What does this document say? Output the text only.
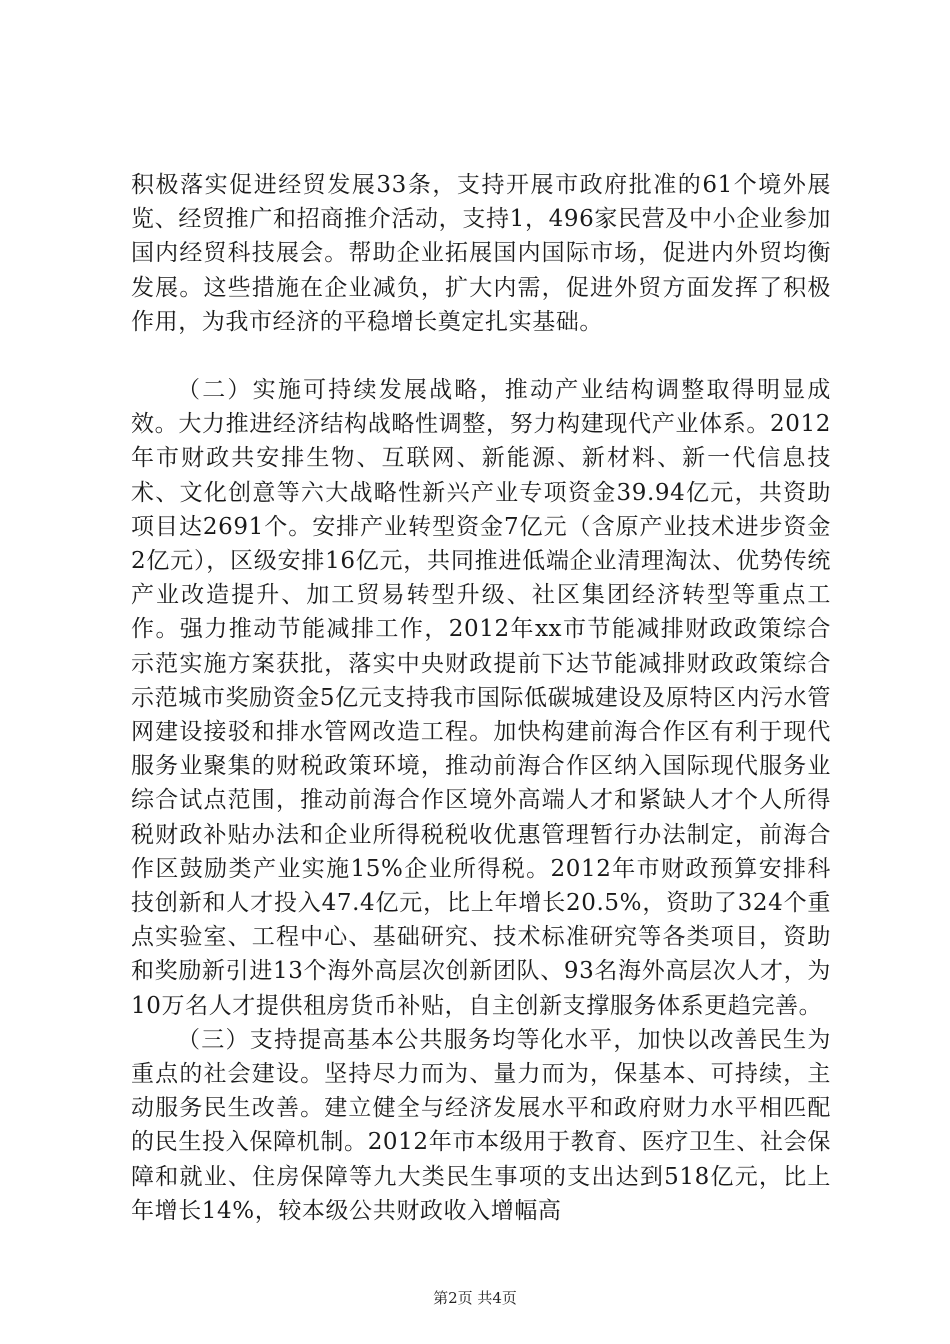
积极落实促进经贸发展33条，支持开展市政府批准的61个境外展览、经贸推广和招商推介活动，支持1，496家民营及中小企业参加国内经贸科技展会。帮助企业拓展国内国际市场，促进内外贸均衡发展。这些措施在企业减负，扩大内需，促进外贸方面发挥了积极作用，为我市经济的平稳增长奠定扎实基础。

（二）实施可持续发展战略，推动产业结构调整取得明显成效。大力推进经济结构战略性调整，努力构建现代产业体系。2012年市财政共安排生物、互联网、新能源、新材料、新一代信息技术、文化创意等六大战略性新兴产业专项资金39.94亿元，共资助项目达2691个。安排产业转型资金7亿元（含原产业技术进步资金2亿元），区级安排16亿元，共同推进低端企业清理淘汰、优势传统产业改造提升、加工贸易转型升级、社区集团经济转型等重点工作。强力推动节能减排工作，2012年xx市节能减排财政政策综合示范实施方案获批，落实中央财政提前下达节能减排财政政策综合示范城市奖励资金5亿元支持我市国际低碳城建设及原特区内污水管网建设接驳和排水管网改造工程。加快构建前海合作区有利于现代服务业聚集的财税政策环境，推动前海合作区纳入国际现代服务业综合试点范围，推动前海合作区境外高端人才和紧缺人才个人所得税财政补贴办法和企业所得税税收优惠管理暂行办法制定，前海合作区鼓励类产业实施15%企业所得税。2012年市财政预算安排科技创新和人才投入47.4亿元，比上年增长20.5%，资助了324个重点实验室、工程中心、基础研究、技术标准研究等各类项目，资助和奖励新引进13个海外高层次创新团队、93名海外高层次人才，为10万名人才提供租房货币补贴，自主创新支撑服务体系更趋完善。

（三）支持提高基本公共服务均等化水平，加快以改善民生为重点的社会建设。坚持尽力而为、量力而为，保基本、可持续，主动服务民生改善。建立健全与经济发展水平和政府财力水平相匹配的民生投入保障机制。2012年市本级用于教育、医疗卫生、社会保障和就业、住房保障等九大类民生事项的支出达到518亿元，比上年增长14%，较本级公共财政收入增幅高

第2页 共4页
